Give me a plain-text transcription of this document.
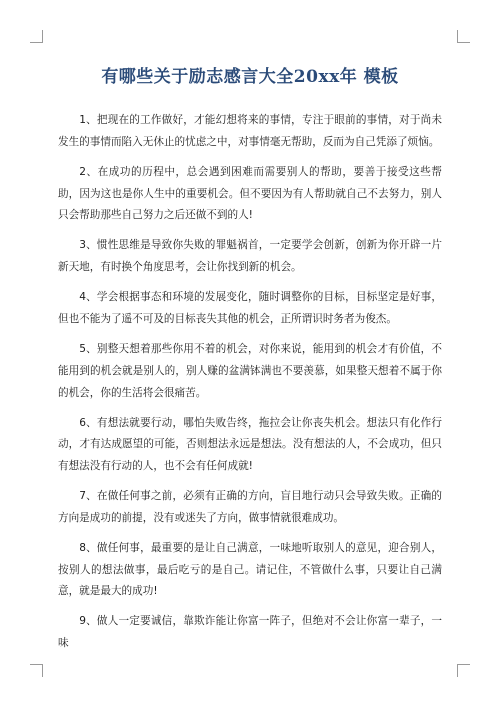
有哪些关于励志感言大全20xx年 模板

1、把现在的工作做好，才能幻想将来的事情，专注于眼前的事情，对于尚未发生的事情而陷入无休止的忧虑之中，对事情毫无帮助，反而为自己凭添了烦恼。

2、在成功的历程中，总会遇到困难而需要别人的帮助，要善于接受这些帮助，因为这也是你人生中的重要机会。但不要因为有人帮助就自己不去努力，别人只会帮助那些自己努力之后还做不到的人!

3、惯性思维是导致你失败的罪魁祸首，一定要学会创新，创新为你开辟一片新天地，有时换个角度思考，会让你找到新的机会。

4、学会根据事态和环境的发展变化，随时调整你的目标，目标坚定是好事，但也不能为了遥不可及的目标丧失其他的机会，正所谓识时务者为俊杰。

5、别整天想着那些你用不着的机会，对你来说，能用到的机会才有价值，不能用到的机会就是别人的，别人赚的盆满钵满也不要羡慕，如果整天想着不属于你的机会，你的生活将会很痛苦。

6、有想法就要行动，哪怕失败告终，拖拉会让你丧失机会。想法只有化作行动，才有达成愿望的可能，否则想法永远是想法。没有想法的人，不会成功，但只有想法没有行动的人，也不会有任何成就!

7、在做任何事之前，必须有正确的方向，盲目地行动只会导致失败。正确的方向是成功的前提，没有或迷失了方向，做事情就很难成功。

8、做任何事，最重要的是让自己满意，一味地听取别人的意见，迎合别人，按别人的想法做事，最后吃亏的是自己。请记住，不管做什么事，只要让自己满意，就是最大的成功!

9、做人一定要诚信，靠欺诈能让你富一阵子，但绝对不会让你富一辈子，一味
